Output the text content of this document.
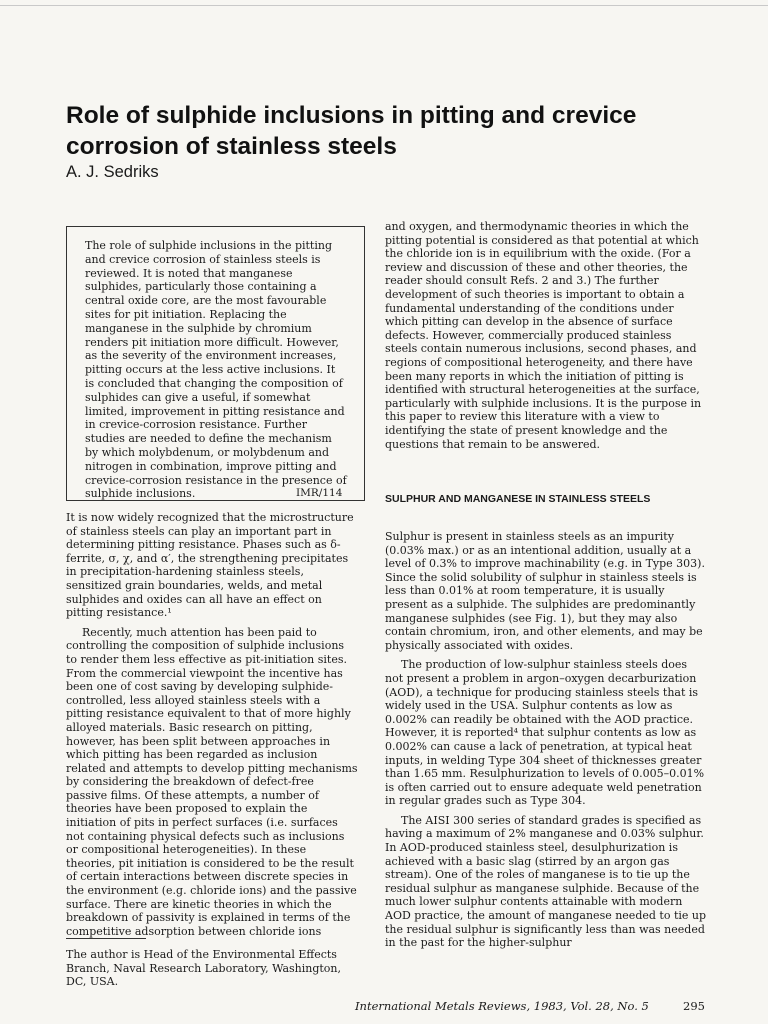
Role of sulphide inclusions in pitting and crevice corrosion of stainless steels
A. J. Sedriks

The role of sulphide inclusions in the pitting and crevice corrosion of stainless steels is reviewed. It is noted that manganese sulphides, particularly those containing a central oxide core, are the most favourable sites for pit initiation. Replacing the manganese in the sulphide by chromium renders pit initiation more difficult. However, as the severity of the environment increases, pitting occurs at the less active inclusions. It is concluded that changing the composition of sulphides can give a useful, if somewhat limited, improvement in pitting resistance and in crevice-corrosion resistance. Further studies are needed to define the mechanism by which molybdenum, or molybdenum and nitrogen in combination, improve pitting and crevice-corrosion resistance in the presence of sulphide inclusions.	IMR/114

It is now widely recognized that the microstructure of stainless steels can play an important part in determining pitting resistance. Phases such as δ-ferrite, σ, χ, and α′, the strengthening precipitates in precipitation-hardening stainless steels, sensitized grain boundaries, welds, and metal sulphides and oxides can all have an effect on pitting resistance.¹

Recently, much attention has been paid to controlling the composition of sulphide inclusions to render them less effective as pit-initiation sites. From the commercial viewpoint the incentive has been one of cost saving by developing sulphide-controlled, less alloyed stainless steels with a pitting resistance equivalent to that of more highly alloyed materials. Basic research on pitting, however, has been split between approaches in which pitting has been regarded as inclusion related and attempts to develop pitting mechanisms by considering the breakdown of defect-free passive films. Of these attempts, a number of theories have been proposed to explain the initiation of pits in perfect surfaces (i.e. surfaces not containing physical defects such as inclusions or compositional heterogeneities). In these theories, pit initiation is considered to be the result of certain interactions between discrete species in the environment (e.g. chloride ions) and the passive surface. There are kinetic theories in which the breakdown of passivity is explained in terms of the competitive adsorption between chloride ions

and oxygen, and thermodynamic theories in which the pitting potential is considered as that potential at which the chloride ion is in equilibrium with the oxide. (For a review and discussion of these and other theories, the reader should consult Refs. 2 and 3.) The further development of such theories is important to obtain a fundamental understanding of the conditions under which pitting can develop in the absence of surface defects. However, commercially produced stainless steels contain numerous inclusions, second phases, and regions of compositional heterogeneity, and there have been many reports in which the initiation of pitting is identified with structural heterogeneities at the surface, particularly with sulphide inclusions. It is the purpose in this paper to review this literature with a view to identifying the state of present knowledge and the questions that remain to be answered.

SULPHUR AND MANGANESE IN STAINLESS STEELS

Sulphur is present in stainless steels as an impurity (0.03% max.) or as an intentional addition, usually at a level of 0.3% to improve machinability (e.g. in Type 303). Since the solid solubility of sulphur in stainless steels is less than 0.01% at room temperature, it is usually present as a sulphide. The sulphides are predominantly manganese sulphides (see Fig. 1), but they may also contain chromium, iron, and other elements, and may be physically associated with oxides.

The production of low-sulphur stainless steels does not present a problem in argon–oxygen decarburization (AOD), a technique for producing stainless steels that is widely used in the USA. Sulphur contents as low as 0.002% can readily be obtained with the AOD practice. However, it is reported⁴ that sulphur contents as low as 0.002% can cause a lack of penetration, at typical heat inputs, in welding Type 304 sheet of thicknesses greater than 1.65 mm. Resulphurization to levels of 0.005–0.01% is often carried out to ensure adequate weld penetration in regular grades such as Type 304.

The AISI 300 series of standard grades is specified as having a maximum of 2% manganese and 0.03% sulphur. In AOD-produced stainless steel, desulphurization is achieved with a basic slag (stirred by an argon gas stream). One of the roles of manganese is to tie up the residual sulphur as manganese sulphide. Because of the much lower sulphur contents attainable with modern AOD practice, the amount of manganese needed to tie up the residual sulphur is significantly less than was needed in the past for the higher-sulphur

The author is Head of the Environmental Effects Branch, Naval Research Laboratory, Washington, DC, USA.

International Metals Reviews, 1983, Vol. 28, No. 5	295
